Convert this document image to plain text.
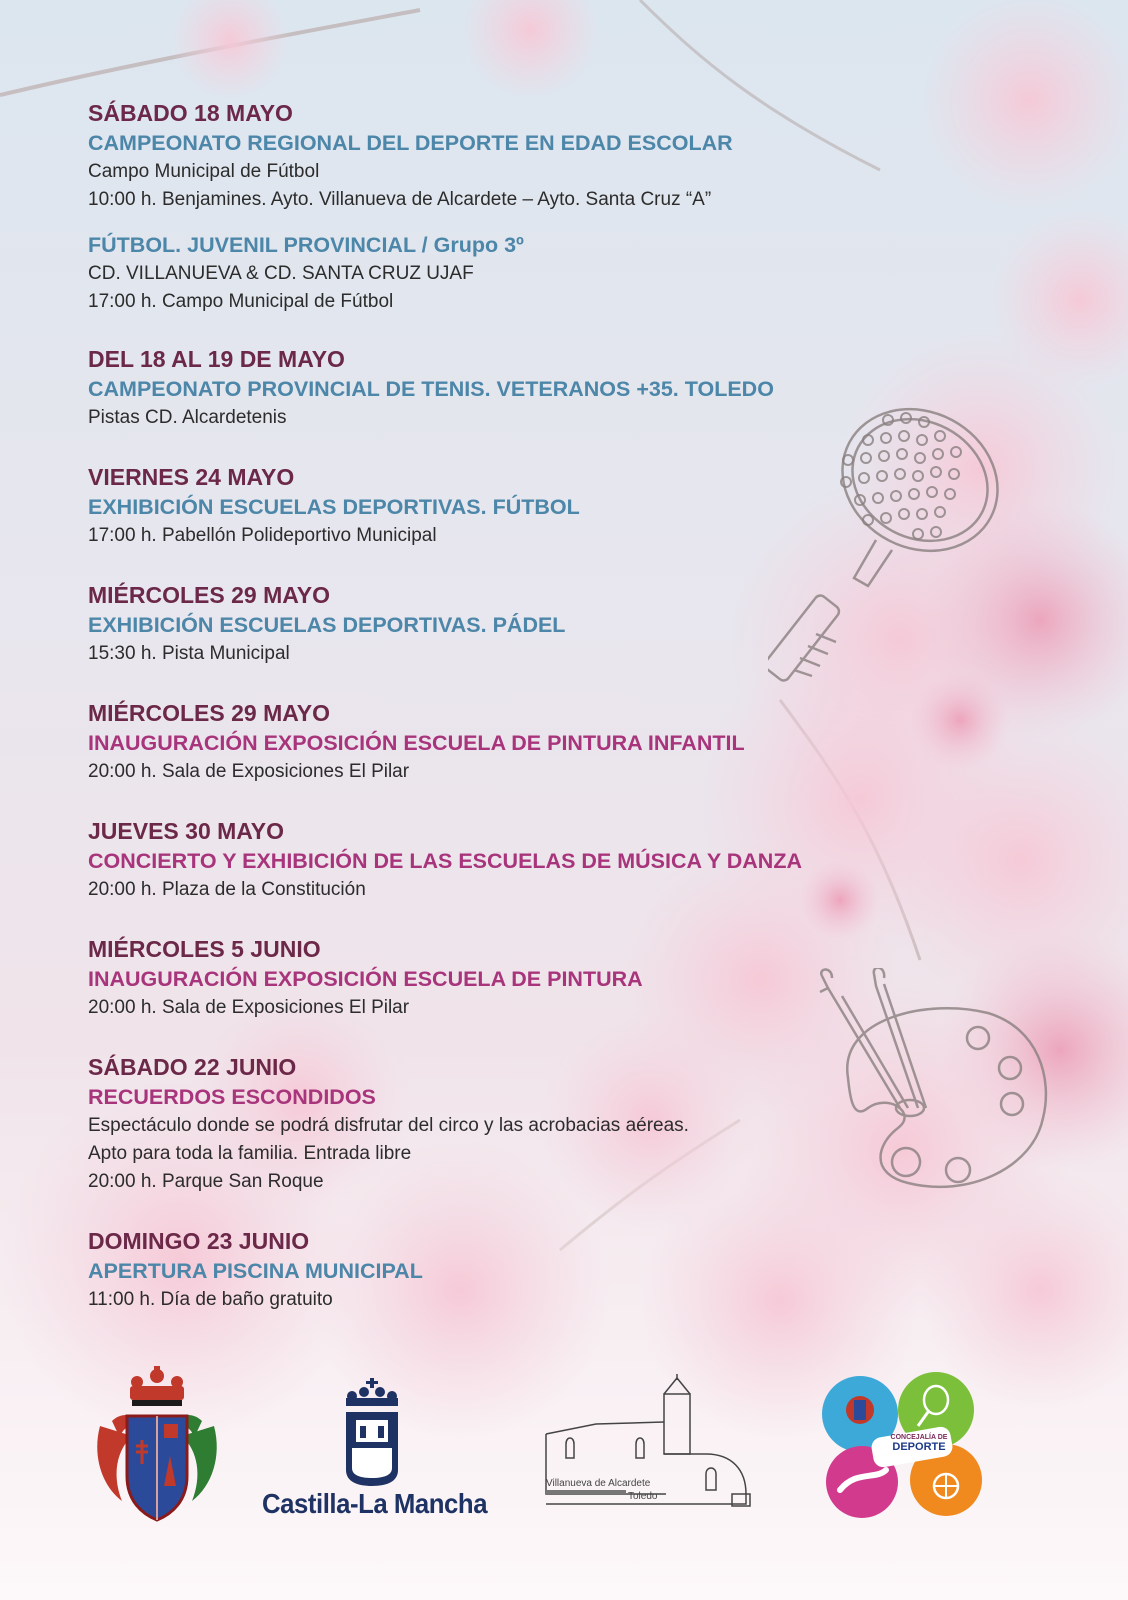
SÁBADO 18 MAYO
CAMPEONATO REGIONAL DEL DEPORTE EN EDAD ESCOLAR
Campo Municipal de Fútbol
10:00 h. Benjamines. Ayto. Villanueva de Alcardete – Ayto. Santa Cruz “A”
FÚTBOL. JUVENIL PROVINCIAL / Grupo 3º
CD. VILLANUEVA & CD. SANTA CRUZ UJAF
17:00 h. Campo Municipal de Fútbol
DEL 18 AL 19 DE MAYO
CAMPEONATO PROVINCIAL DE TENIS. VETERANOS +35. TOLEDO
Pistas CD. Alcardetenis
VIERNES 24 MAYO
EXHIBICIÓN ESCUELAS DEPORTIVAS. FÚTBOL
17:00 h. Pabellón Polideportivo Municipal
MIÉRCOLES 29 MAYO
EXHIBICIÓN ESCUELAS DEPORTIVAS. PÁDEL
15:30 h. Pista Municipal
MIÉRCOLES 29 MAYO
INAUGURACIÓN EXPOSICIÓN ESCUELA DE PINTURA INFANTIL
20:00 h. Sala de Exposiciones El Pilar
JUEVES 30 MAYO
CONCIERTO Y EXHIBICIÓN DE LAS ESCUELAS DE MÚSICA Y DANZA
20:00 h. Plaza de la Constitución
MIÉRCOLES 5 JUNIO
INAUGURACIÓN EXPOSICIÓN ESCUELA DE PINTURA
20:00 h. Sala de Exposiciones El Pilar
SÁBADO 22 JUNIO
RECUERDOS ESCONDIDOS
Espectáculo donde se podrá disfrutar del circo y las acrobacias aéreas.
Apto para toda la familia. Entrada libre
20:00 h. Parque San Roque
DOMINGO 23 JUNIO
APERTURA PISCINA MUNICIPAL
11:00 h. Día de baño gratuito
Castilla-La Mancha
Villanueva de Alcardete
Toledo
CONCEJALÍA DE
DEPORTE
